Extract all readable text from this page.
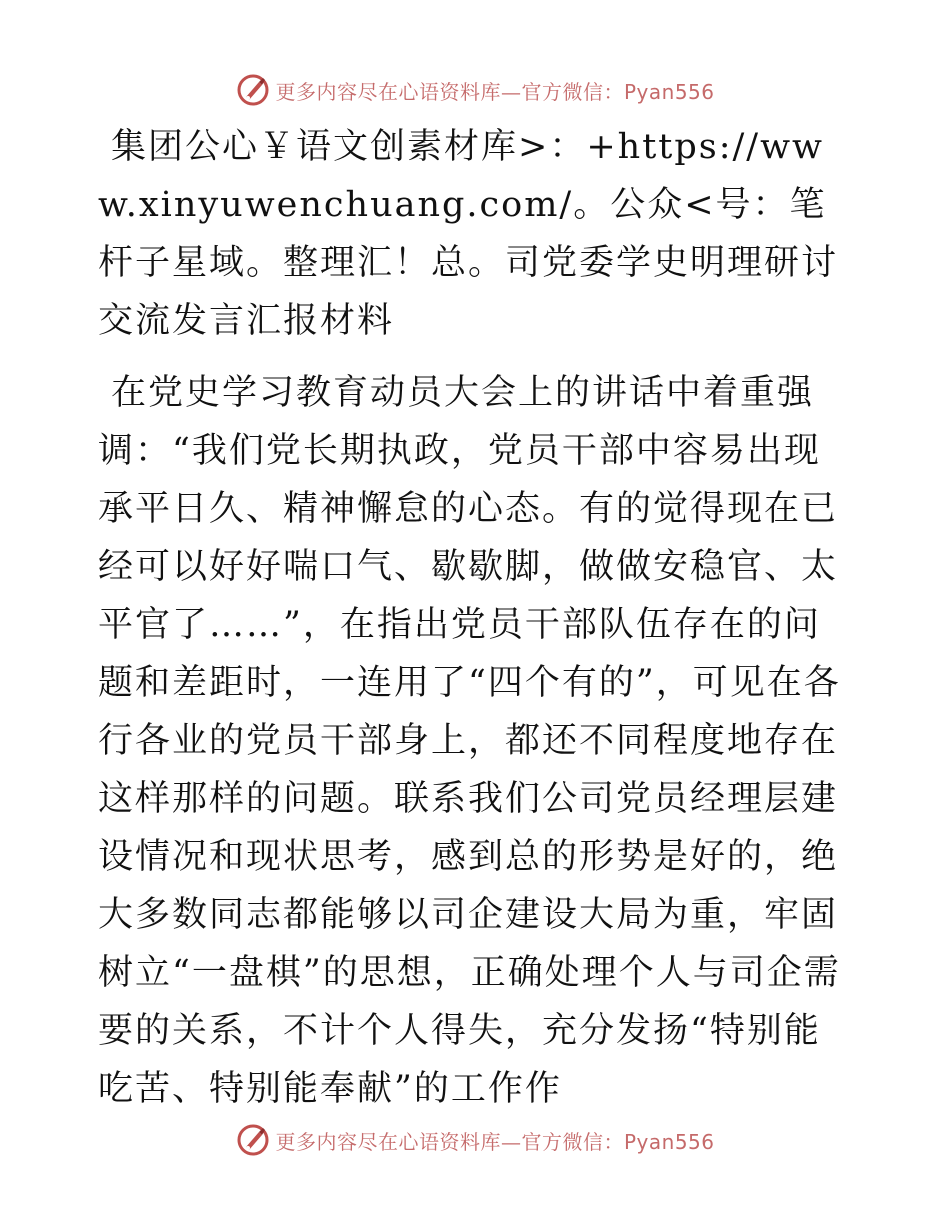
更多内容尽在心语资料库—官方微信：Pyan556

集团公心￥语文创素材库>：+https://www.xinyuwenchuang.com/。公众<号：笔杆子星域。整理汇！总。司党委学史明理研讨交流发言汇报材料

在党史学习教育动员大会上的讲话中着重强调：“我们党长期执政，党员干部中容易出现承平日久、精神懈怠的心态。有的觉得现在已经可以好好喘口气、歇歇脚，做做安稳官、太平官了……”，在指出党员干部队伍存在的问题和差距时，一连用了“四个有的”，可见在各行各业的党员干部身上，都还不同程度地存在这样那样的问题。联系我们公司党员经理层建设情况和现状思考，感到总的形势是好的，绝大多数同志都能够以司企建设大局为重，牢固树立“一盘棋”的思想，正确处理个人与司企需要的关系，不计个人得失，充分发扬“特别能吃苦、特别能奉献”的工作作

更多内容尽在心语资料库—官方微信：Pyan556
